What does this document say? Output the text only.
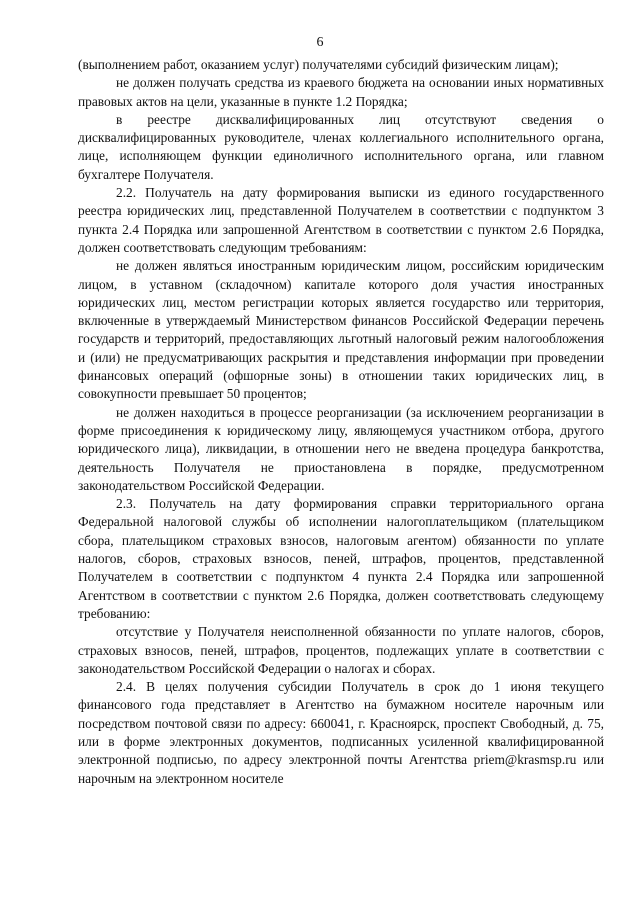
6

(выполнением работ, оказанием услуг) получателями субсидий физическим лицам);

не должен получать средства из краевого бюджета на основании иных нормативных правовых актов на цели, указанные в пункте 1.2 Порядка;

в реестре дисквалифицированных лиц отсутствуют сведения о дисквалифицированных руководителе, членах коллегиального исполнительного органа, лице, исполняющем функции единоличного исполнительного органа, или главном бухгалтере Получателя.

2.2. Получатель на дату формирования выписки из единого государственного реестра юридических лиц, представленной Получателем в соответствии с подпунктом 3 пункта 2.4 Порядка или запрошенной Агентством в соответствии с пунктом 2.6 Порядка, должен соответствовать следующим требованиям:

не должен являться иностранным юридическим лицом, российским юридическим лицом, в уставном (складочном) капитале которого доля участия иностранных юридических лиц, местом регистрации которых является государство или территория, включенные в утверждаемый Министерством финансов Российской Федерации перечень государств и территорий, предоставляющих льготный налоговый режим налогообложения и (или) не предусматривающих раскрытия и представления информации при проведении финансовых операций (офшорные зоны) в отношении таких юридических лиц, в совокупности превышает 50 процентов;

не должен находиться в процессе реорганизации (за исключением реорганизации в форме присоединения к юридическому лицу, являющемуся участником отбора, другого юридического лица), ликвидации, в отношении него не введена процедура банкротства, деятельность Получателя не приостановлена в порядке, предусмотренном законодательством Российской Федерации.

2.3. Получатель на дату формирования справки территориального органа Федеральной налоговой службы об исполнении налогоплательщиком (плательщиком сбора, плательщиком страховых взносов, налоговым агентом) обязанности по уплате налогов, сборов, страховых взносов, пеней, штрафов, процентов, представленной Получателем в соответствии с подпунктом 4 пункта 2.4 Порядка или запрошенной Агентством в соответствии с пунктом 2.6 Порядка, должен соответствовать следующему требованию:

отсутствие у Получателя неисполненной обязанности по уплате налогов, сборов, страховых взносов, пеней, штрафов, процентов, подлежащих уплате в соответствии с законодательством Российской Федерации о налогах и сборах.

2.4. В целях получения субсидии Получатель в срок до 1 июня текущего финансового года представляет в Агентство на бумажном носителе нарочным или посредством почтовой связи по адресу: 660041, г. Красноярск, проспект Свободный, д. 75, или в форме электронных документов, подписанных усиленной квалифицированной электронной подписью, по адресу электронной почты Агентства priem@krasmsp.ru или нарочным на электронном носителе
